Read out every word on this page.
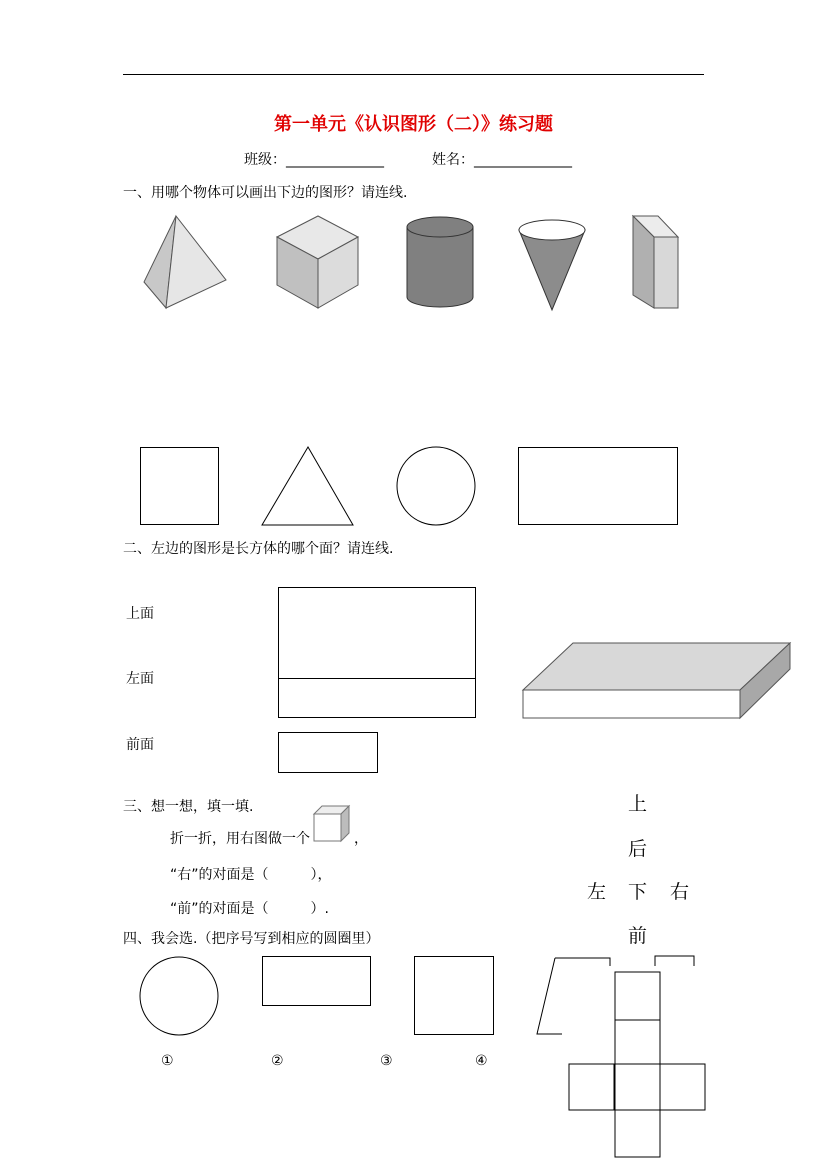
第一单元《认识图形（二）》练习题
班级：______________	姓名：______________
一、用哪个物体可以画出下边的图形？请连线.
二、左边的图形是长方体的哪个面？请连线.
上面
左面
前面
三、想一想，填一填.
折一折，用右图做一个	，
“右”的对面是（　　　），
“前”的对面是（　　　）.
上
后
左 下 右
前
四、我会选.（把序号写到相应的圆圈里）
①	②	③	④
